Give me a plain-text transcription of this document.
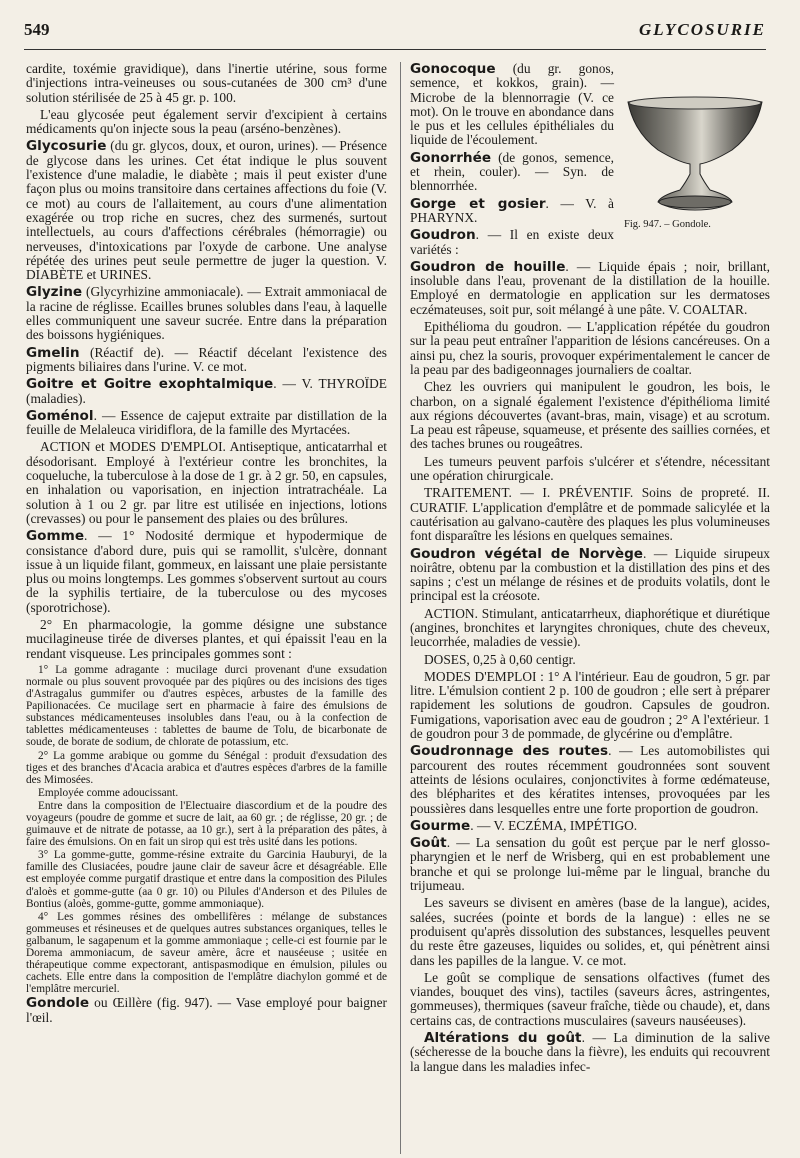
549	GLYCOSURIE

cardite, toxémie gravidique), dans l'inertie utérine, sous forme d'injections intra-veineuses ou sous-cutanées de 300 cm³ d'une solution stérilisée de 25 à 45 gr. p. 100.

L'eau glycosée peut également servir d'excipient à certains médicaments qu'on injecte sous la peau (arséno-benzènes).

Glycosurie (du gr. glycos, doux, et ouron, urines). — Présence de glycose dans les urines. Cet état indique le plus souvent l'existence d'une maladie, le diabète ; mais il peut exister d'une façon plus ou moins transitoire dans certaines affections du foie (V. ce mot) au cours de l'allaitement, au cours d'une alimentation exagérée ou trop riche en sucres, chez des surmenés, surtout intellectuels, au cours d'affections cérébrales (hémorragie) ou nerveuses, d'intoxications par l'oxyde de carbone. Une analyse répétée des urines peut seule permettre de juger la question. V. DIABÈTE et URINES.

Glyzine (Glycyrhizine ammoniacale). — Extrait ammoniacal de la racine de réglisse. Ecailles brunes solubles dans l'eau, à laquelle elles communiquent une saveur sucrée. Entre dans la préparation des boissons hygiéniques.

Gmelin (Réactif de). — Réactif décelant l'existence des pigments biliaires dans l'urine. V. ce mot.

Goitre et Goitre exophtalmique. — V. THYROÏDE (maladies).

Goménol. — Essence de cajeput extraite par distillation de la feuille de Melaleuca viridiflora, de la famille des Myrtacées.

ACTION et MODES D'EMPLOI. Antiseptique, anticatarrhal et désodorisant. Employé à l'extérieur contre les bronchites, la coqueluche, la tuberculose à la dose de 1 gr. à 2 gr. 50, en capsules, en inhalation ou vaporisation, en injection intratrachéale. La solution à 1 ou 2 gr. par litre est utilisée en injections, lotions (crevasses) ou pour le pansement des plaies ou des brûlures.

Gomme. — 1° Nodosité dermique et hypodermique de consistance d'abord dure, puis qui se ramollit, s'ulcère, donnant issue à un liquide filant, gommeux, en laissant une plaie persistante plus ou moins longtemps. Les gommes s'observent surtout au cours de la syphilis tertiaire, de la tuberculose ou des mycoses (sporotrichose).

2° En pharmacologie, la gomme désigne une substance mucilagineuse tirée de diverses plantes, et qui épaissit l'eau en la rendant visqueuse. Les principales gommes sont :

1° La gomme adragante : mucilage durci provenant d'une exsudation normale ou plus souvent provoquée par des piqûres ou des incisions des tiges d'Astragalus gummifer ou d'autres espèces, arbustes de la famille des Papilionacées. Ce mucilage sert en pharmacie à faire des émulsions de substances médicamenteuses insolubles dans l'eau, ou à la confection de tablettes médicamenteuses : tablettes de baume de Tolu, de bicarbonate de soude, de borate de sodium, de chlorate de potassium, etc.

2° La gomme arabique ou gomme du Sénégal : produit d'exsudation des tiges et des branches d'Acacia arabica et d'autres espèces d'arbres de la famille des Mimosées.

Employée comme adoucissant.

Entre dans la composition de l'Electuaire diascordium et de la poudre des voyageurs (poudre de gomme et sucre de lait, aa 60 gr. ; de réglisse, 20 gr. ; de guimauve et de nitrate de potasse, aa 10 gr.), sert à la préparation des pâtes, à faire des émulsions. On en fait un sirop qui est très usité dans les potions.

3° La gomme-gutte, gomme-résine extraite du Garcinia Hauburyi, de la famille des Clusiacées, poudre jaune clair de saveur âcre et désagréable. Elle est employée comme purgatif drastique et entre dans la composition des Pilules d'aloès et gomme-gutte (aa 0 gr. 10) ou Pilules d'Anderson et des Pilules de Bontius (aloès, gomme-gutte, gomme ammoniaque).

4° Les gommes résines des ombellifères : mélange de substances gommeuses et résineuses et de quelques autres substances organiques, telles le galbanum, le sagapenum et la gomme ammoniaque ; celle-ci est fournie par le Dorema ammoniacum, de saveur amère, âcre et nauséeuse ; usitée en thérapeutique comme expectorant, antispasmodique en émulsion, pilules ou cachets. Elle entre dans la composition de l'emplâtre diachylon gommé et de l'emplâtre mercuriel.

Gondole ou Œillère (fig. 947). — Vase employé pour baigner l'œil.

Fig. 947. – Gondole.

Gonocoque (du gr. gonos, semence, et kokkos, grain). — Microbe de la blennorragie (V. ce mot). On le trouve en abondance dans le pus et les cellules épithéliales du liquide de l'écoulement.

Gonorrhée (de gonos, semence, et rhein, couler). — Syn. de blennorrhée.

Gorge et gosier. — V. à PHARYNX.

Goudron. — Il en existe deux variétés :

Goudron de houille. — Liquide épais ; noir, brillant, insoluble dans l'eau, provenant de la distillation de la houille. Employé en dermatologie en application sur les dermatoses eczémateuses, soit pur, soit mélangé à une pâte. V. COALTAR.

Epithélioma du goudron. — L'application répétée du goudron sur la peau peut entraîner l'apparition de lésions cancéreuses. On a ainsi pu, chez la souris, provoquer expérimentalement le cancer de la peau par des badigeonnages journaliers de coaltar.

Chez les ouvriers qui manipulent le goudron, les bois, le charbon, on a signalé également l'existence d'épithélioma limité aux régions découvertes (avant-bras, main, visage) et au scrotum. La peau est râpeuse, squameuse, et présente des saillies cornées, et des taches brunes ou rougeâtres.

Les tumeurs peuvent parfois s'ulcérer et s'étendre, nécessitant une opération chirurgicale.

TRAITEMENT. — I. PRÉVENTIF. Soins de propreté. II. CURATIF. L'application d'emplâtre et de pommade salicylée et la cautérisation au galvano-cautère des plaques les plus volumineuses font disparaître les lésions en quelques semaines.

Goudron végétal de Norvège. — Liquide sirupeux noirâtre, obtenu par la combustion et la distillation des pins et des sapins ; c'est un mélange de résines et de produits volatils, dont le principal est la créosote.

ACTION. Stimulant, anticatarrheux, diaphorétique et diurétique (angines, bronchites et laryngites chroniques, chute des cheveux, leucorrhée, maladies de vessie).

DOSES, 0,25 à 0,60 centigr.

MODES D'EMPLOI : 1° A l'intérieur. Eau de goudron, 5 gr. par litre. L'émulsion contient 2 p. 100 de goudron ; elle sert à préparer rapidement les solutions de goudron. Capsules de goudron. Fumigations, vaporisation avec eau de goudron ; 2° A l'extérieur. 1 de goudron pour 3 de pommade, de glycérine ou d'emplâtre.

Goudronnage des routes. — Les automobilistes qui parcourent des routes récemment goudronnées sont souvent atteints de lésions oculaires, conjonctivites à forme œdémateuse, des blépharites et des kératites intenses, provoquées par les poussières dans lesquelles entre une forte proportion de goudron.

Gourme. — V. ECZÉMA, IMPÉTIGO.

Goût. — La sensation du goût est perçue par le nerf glosso-pharyngien et le nerf de Wrisberg, qui en est probablement une branche et qui se prolonge lui-même par le lingual, branche du trijumeau.

Les saveurs se divisent en amères (base de la langue), acides, salées, sucrées (pointe et bords de la langue) : elles ne se produisent qu'après dissolution des substances, lesquelles peuvent du reste être gazeuses, liquides ou solides, et, qui pénètrent ainsi dans les papilles de la langue. V. ce mot.

Le goût se complique de sensations olfactives (fumet des viandes, bouquet des vins), tactiles (saveurs âcres, astringentes, gommeuses), thermiques (saveur fraîche, tiède ou chaude), et, dans certains cas, de contractions musculaires (saveurs nauséeuses).

Altérations du goût. — La diminution de la salive (sécheresse de la bouche dans la fièvre), les enduits qui recouvrent la langue dans les maladies infec-
